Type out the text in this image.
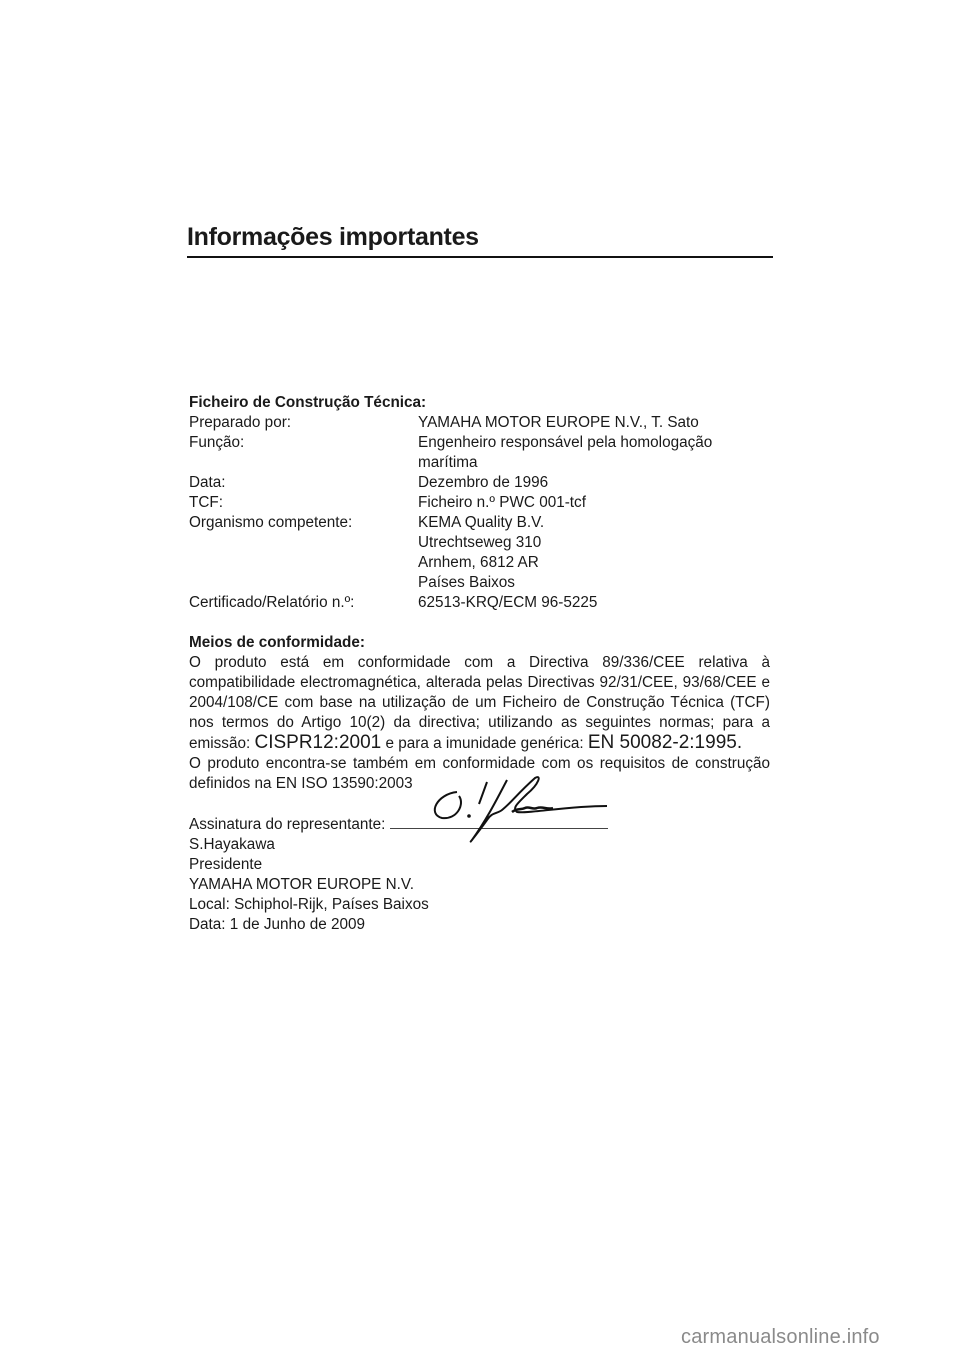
Informações importantes
Ficheiro de Construção Técnica:
Preparado por:	YAMAHA MOTOR EUROPE N.V., T. Sato
Função:	Engenheiro responsável pela homologação
marítima
Data:	Dezembro de 1996
TCF:	Ficheiro n.º PWC 001-tcf
Organismo competente:	KEMA Quality B.V.
Utrechtseweg 310
Arnhem, 6812 AR
Países Baixos
Certificado/Relatório n.º:	62513-KRQ/ECM 96-5225
Meios de conformidade:
O produto está em conformidade com a Directiva 89/336/CEE relativa à compatibilidade electromagnética, alterada pelas Directivas 92/31/CEE, 93/68/CEE e 2004/108/CE com base na utilização de um Ficheiro de Construção Técnica (TCF) nos termos do Artigo 10(2) da directiva; utilizando as seguintes normas; para a emissão: CISPR12:2001 e para a imunidade genérica: EN 50082-2:1995.
O produto encontra-se também em conformidade com os requisitos de construção definidos na EN ISO 13590:2003
Assinatura do representante:
S.Hayakawa
Presidente
YAMAHA MOTOR EUROPE N.V.
Local: Schiphol-Rijk, Países Baixos
Data: 1 de Junho de 2009
carmanualsonline.info
